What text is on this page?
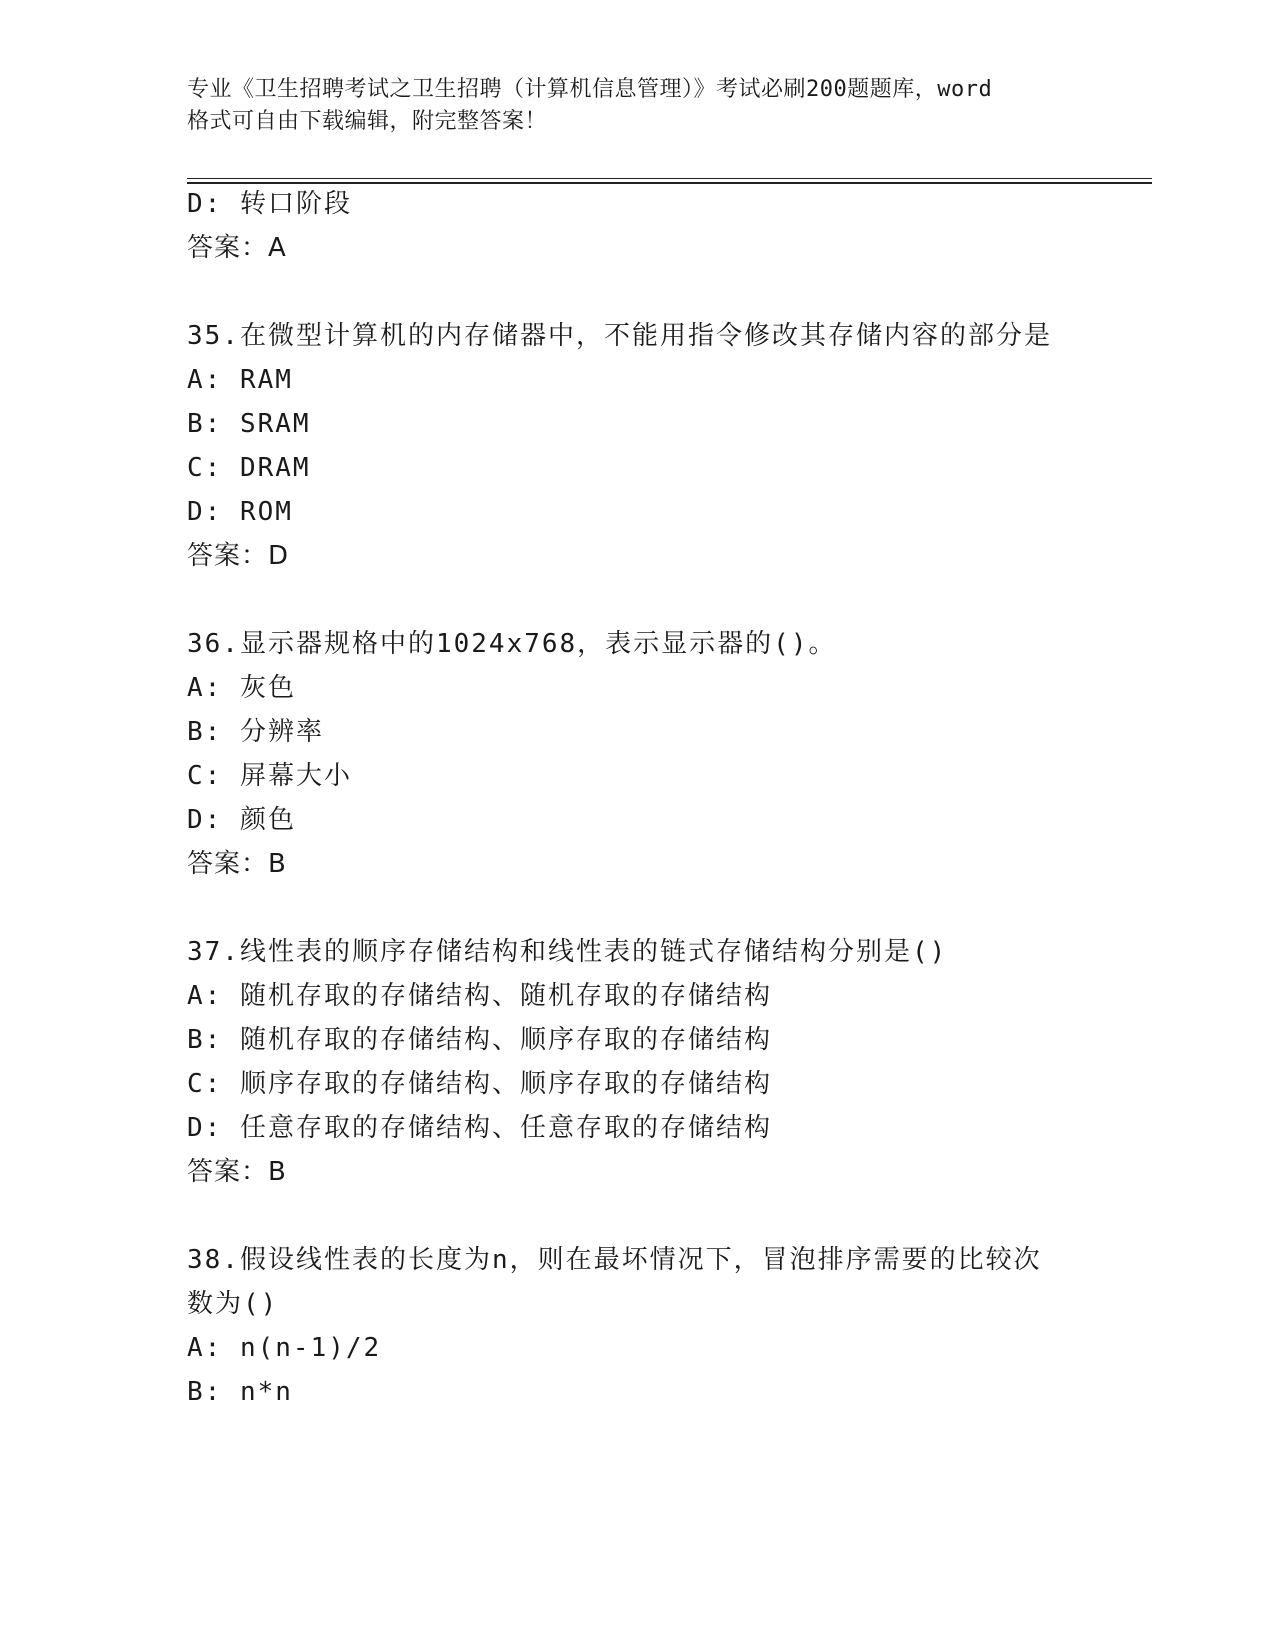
专业《卫生招聘考试之卫生招聘（计算机信息管理）》考试必刷200题题库，word
格式可自由下载编辑，附完整答案！
D: 转口阶段
答案：A
35.在微型计算机的内存储器中，不能用指令修改其存储内容的部分是
A: RAM
B: SRAM
C: DRAM
D: ROM
答案：D
36.显示器规格中的1024x768，表示显示器的()。
A: 灰色
B: 分辨率
C: 屏幕大小
D: 颜色
答案：B
37.线性表的顺序存储结构和线性表的链式存储结构分别是()
A: 随机存取的存储结构、随机存取的存储结构
B: 随机存取的存储结构、顺序存取的存储结构
C: 顺序存取的存储结构、顺序存取的存储结构
D: 任意存取的存储结构、任意存取的存储结构
答案：B
38.假设线性表的长度为n，则在最坏情况下，冒泡排序需要的比较次
数为()
A: n(n-1)/2
B: n*n
